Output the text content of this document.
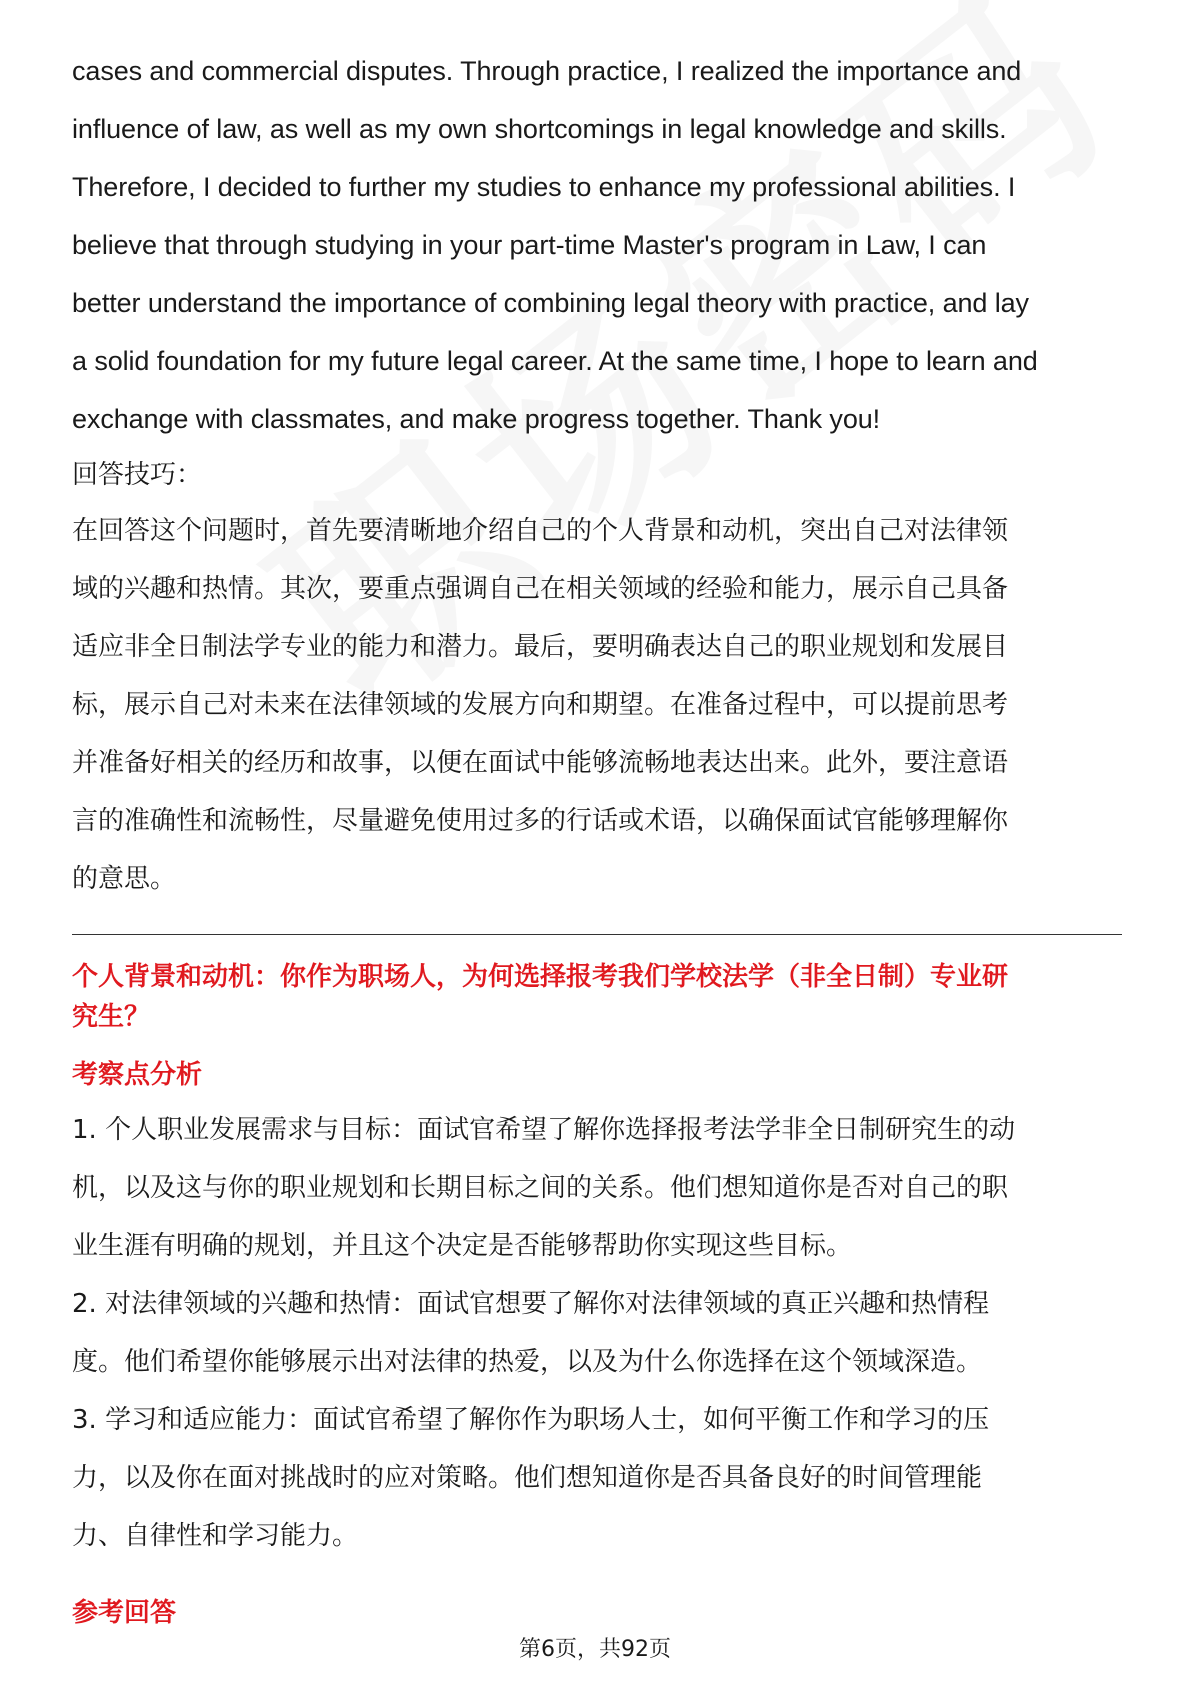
cases and commercial disputes. Through practice, I realized the importance and
influence of law, as well as my own shortcomings in legal knowledge and skills.
Therefore, I decided to further my studies to enhance my professional abilities. I
believe that through studying in your part-time Master's program in Law, I can
better understand the importance of combining legal theory with practice, and lay
a solid foundation for my future legal career. At the same time, I hope to learn and
exchange with classmates, and make progress together. Thank you!

回答技巧：

在回答这个问题时，首先要清晰地介绍自己的个人背景和动机，突出自己对法律领
域的兴趣和热情。其次，要重点强调自己在相关领域的经验和能力，展示自己具备
适应非全日制法学专业的能力和潜力。最后，要明确表达自己的职业规划和发展目
标，展示自己对未来在法律领域的发展方向和期望。在准备过程中，可以提前思考
并准备好相关的经历和故事，以便在面试中能够流畅地表达出来。此外，要注意语
言的准确性和流畅性，尽量避免使用过多的行话或术语，以确保面试官能够理解你
的意思。
个人背景和动机：你作为职场人，为何选择报考我们学校法学（非全日制）专业研
究生？

考察点分析

1. 个人职业发展需求与目标：面试官希望了解你选择报考法学非全日制研究生的动
机，以及这与你的职业规划和长期目标之间的关系。他们想知道你是否对自己的职
业生涯有明确的规划，并且这个决定是否能够帮助你实现这些目标。
2. 对法律领域的兴趣和热情：面试官想要了解你对法律领域的真正兴趣和热情程
度。他们希望你能够展示出对法律的热爱，以及为什么你选择在这个领域深造。
3. 学习和适应能力：面试官希望了解你作为职场人士，如何平衡工作和学习的压
力，以及你在面对挑战时的应对策略。他们想知道你是否具备良好的时间管理能
力、自律性和学习能力。

参考回答

第6页，共92页
